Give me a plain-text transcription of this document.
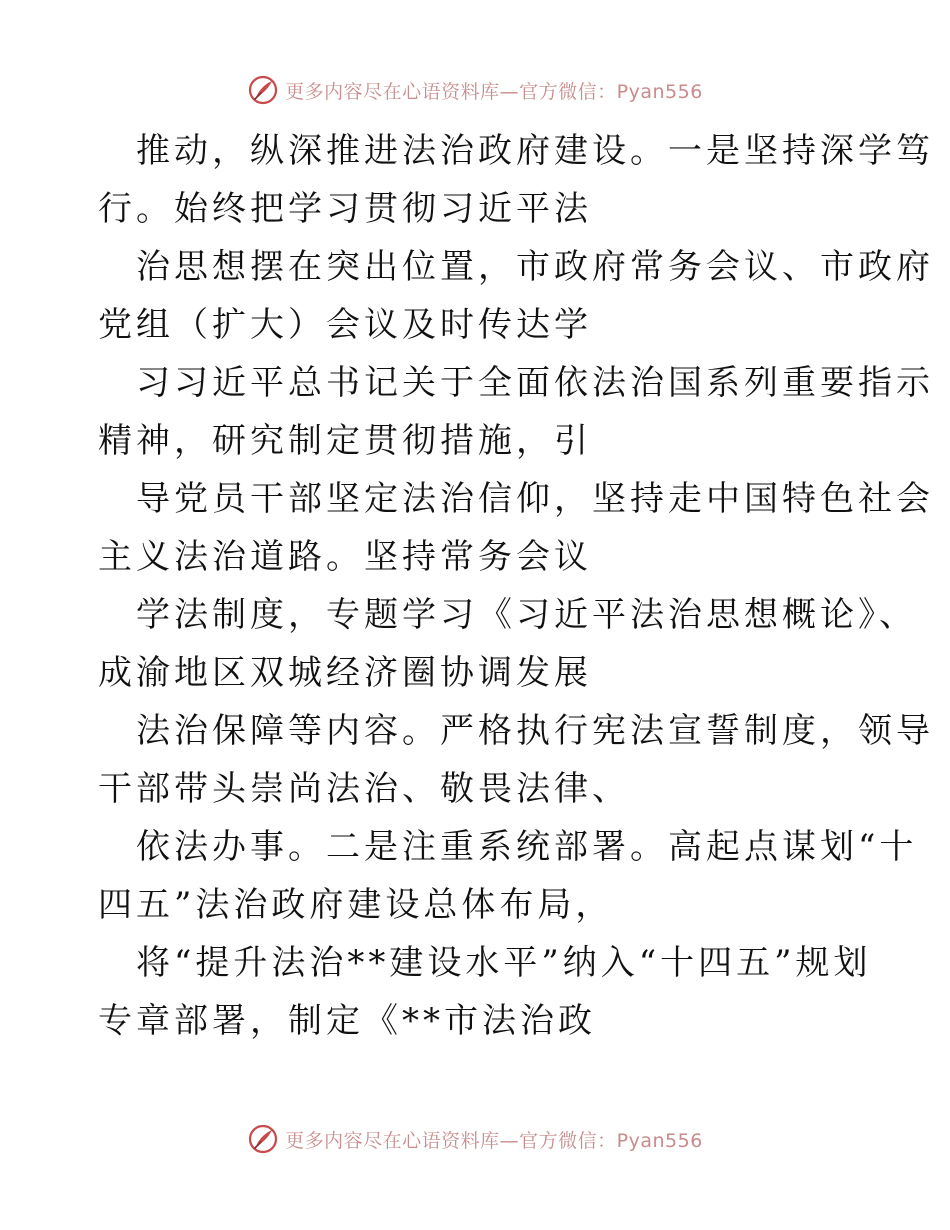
更多内容尽在心语资料库—官方微信：Pyan556
推动，纵深推进法治政府建设。一是坚持深学笃
行。始终把学习贯彻习近平法
治思想摆在突出位置，市政府常务会议、市政府
党组（扩大）会议及时传达学
习习近平总书记关于全面依法治国系列重要指示
精神，研究制定贯彻措施，引
导党员干部坚定法治信仰，坚持走中国特色社会
主义法治道路。坚持常务会议
学法制度，专题学习《习近平法治思想概论》、
成渝地区双城经济圈协调发展
法治保障等内容。严格执行宪法宣誓制度，领导
干部带头崇尚法治、敬畏法律、
依法办事。二是注重系统部署。高起点谋划“十
四五”法治政府建设总体布局，
将“提升法治**建设水平”纳入“十四五”规划
专章部署，制定《**市法治政
更多内容尽在心语资料库—官方微信：Pyan556
